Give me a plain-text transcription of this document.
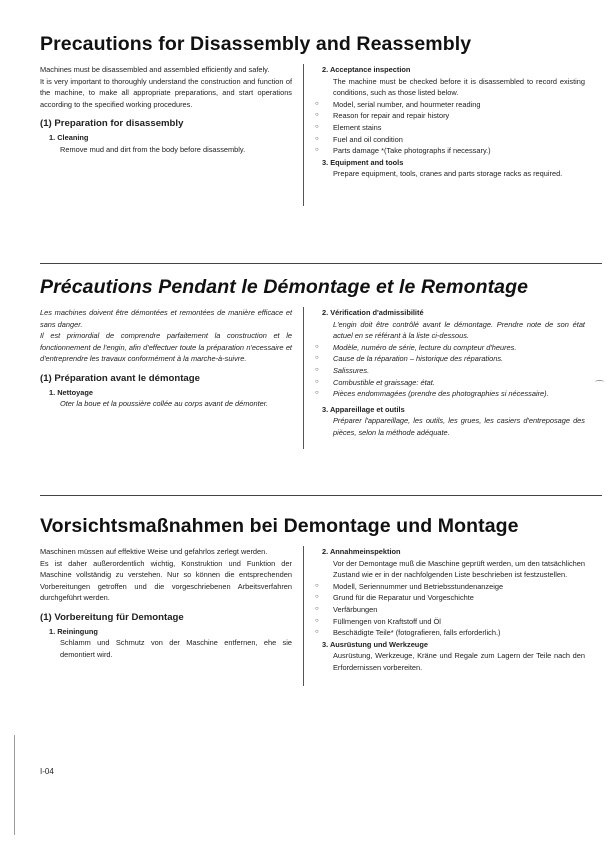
Precautions for Disassembly and Reassembly
Machines must be disassembled and assembled efficiently and safely.
It is very important to thoroughly understand the construction and function of the machine, to make all appropriate preparations, and start operations according to the specified working procedures.
(1) Preparation for disassembly
1. Cleaning
Remove mud and dirt from the body before disassembly.
2. Acceptance inspection
The machine must be checked before it is disassembled to record existing conditions, such as those listed below.
○ Model, serial number, and hourmeter reading
○ Reason for repair and repair history
○ Element stains
○ Fuel and oil condition
○ Parts damage *(Take photographs if necessary.)
3. Equipment and tools
Prepare equipment, tools, cranes and parts storage racks as required.
Précautions Pendant le Démontage et le Remontage
Les machines doivent être démontées et remontées de manière efficace et sans danger.
Il est primordial de comprendre parfaitement la construction et le fonctionnement de l'engin, afin d'effectuer toute la préparation n'ecessaire et d'entreprendre les travaux conformément à la marche-à-suivre.
(1) Préparation avant le démontage
1. Nettoyage
Oter la boue et la poussière collée au corps avant de démonter.
2. Vérification d'admissibilité
L'engin doit être contrôlé avant le démontage. Prendre note de son état actuel en se référant à la liste ci-dessous.
○ Modèle, numéro de série, lecture du compteur d'heures.
○ Cause de la réparation – historique des réparations.
○ Salissures.
○ Combustible et graissage: état.
○ Pièces endommagées (prendre des photographies si nécessaire).
3. Appareillage et outils
Préparer l'appareillage, les outils, les grues, les casiers d'entreposage des pièces, selon la méthode adéquate.
⌒
Vorsichtsmaßnahmen bei Demontage und Montage
Maschinen müssen auf effektive Weise und gefahrlos zerlegt werden.
Es ist daher außerordentlich wichtig, Konstruktion und Funktion der Maschine vollständig zu verstehen. Nur so können die entsprechenden Vorbereitungen getroffen und die vorgeschriebenen Arbeitsverfahren durchgeführt werden.
(1) Vorbereitung für Demontage
1. Reiningung
Schlamm und Schmutz von der Maschine entfernen, ehe sie demontiert wird.
2. Annahmeinspektion
Vor der Demontage muß die Maschine geprüft werden, um den tatsächlichen Zustand wie er in der nachfolgenden Liste beschrieben ist festzustellen.
○ Modell, Seriennummer und Betriebsstundenanzeige
○ Grund für die Reparatur und Vorgeschichte
○ Verfärbungen
○ Füllmengen von Kraftstoff und Öl
○ Beschädigte Teile* (fotografieren, falls erforderlich.)
3. Ausrüstung und Werkzeuge
Ausrüstung, Werkzeuge, Kräne und Regale zum Lagern der Teile nach den Erfordernissen vorbereiten.
I-04
